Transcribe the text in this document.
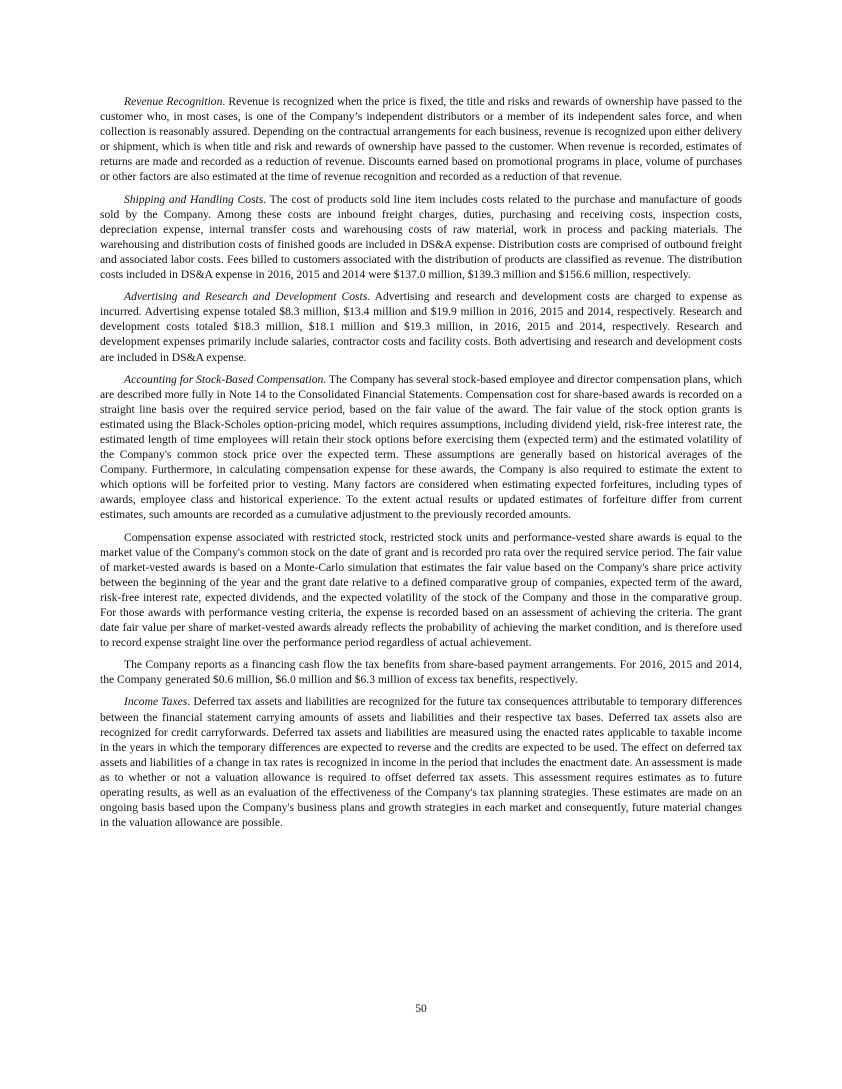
Revenue Recognition. Revenue is recognized when the price is fixed, the title and risks and rewards of ownership have passed to the customer who, in most cases, is one of the Company’s independent distributors or a member of its independent sales force, and when collection is reasonably assured. Depending on the contractual arrangements for each business, revenue is recognized upon either delivery or shipment, which is when title and risk and rewards of ownership have passed to the customer. When revenue is recorded, estimates of returns are made and recorded as a reduction of revenue. Discounts earned based on promotional programs in place, volume of purchases or other factors are also estimated at the time of revenue recognition and recorded as a reduction of that revenue.

Shipping and Handling Costs. The cost of products sold line item includes costs related to the purchase and manufacture of goods sold by the Company. Among these costs are inbound freight charges, duties, purchasing and receiving costs, inspection costs, depreciation expense, internal transfer costs and warehousing costs of raw material, work in process and packing materials. The warehousing and distribution costs of finished goods are included in DS&A expense. Distribution costs are comprised of outbound freight and associated labor costs. Fees billed to customers associated with the distribution of products are classified as revenue. The distribution costs included in DS&A expense in 2016, 2015 and 2014 were $137.0 million, $139.3 million and $156.6 million, respectively.

Advertising and Research and Development Costs. Advertising and research and development costs are charged to expense as incurred. Advertising expense totaled $8.3 million, $13.4 million and $19.9 million in 2016, 2015 and 2014, respectively. Research and development costs totaled $18.3 million, $18.1 million and $19.3 million, in 2016, 2015 and 2014, respectively. Research and development expenses primarily include salaries, contractor costs and facility costs. Both advertising and research and development costs are included in DS&A expense.

Accounting for Stock-Based Compensation. The Company has several stock-based employee and director compensation plans, which are described more fully in Note 14 to the Consolidated Financial Statements. Compensation cost for share-based awards is recorded on a straight line basis over the required service period, based on the fair value of the award. The fair value of the stock option grants is estimated using the Black-Scholes option-pricing model, which requires assumptions, including dividend yield, risk-free interest rate, the estimated length of time employees will retain their stock options before exercising them (expected term) and the estimated volatility of the Company's common stock price over the expected term. These assumptions are generally based on historical averages of the Company. Furthermore, in calculating compensation expense for these awards, the Company is also required to estimate the extent to which options will be forfeited prior to vesting. Many factors are considered when estimating expected forfeitures, including types of awards, employee class and historical experience. To the extent actual results or updated estimates of forfeiture differ from current estimates, such amounts are recorded as a cumulative adjustment to the previously recorded amounts.

Compensation expense associated with restricted stock, restricted stock units and performance-vested share awards is equal to the market value of the Company's common stock on the date of grant and is recorded pro rata over the required service period. The fair value of market-vested awards is based on a Monte-Carlo simulation that estimates the fair value based on the Company's share price activity between the beginning of the year and the grant date relative to a defined comparative group of companies, expected term of the award, risk-free interest rate, expected dividends, and the expected volatility of the stock of the Company and those in the comparative group. For those awards with performance vesting criteria, the expense is recorded based on an assessment of achieving the criteria. The grant date fair value per share of market-vested awards already reflects the probability of achieving the market condition, and is therefore used to record expense straight line over the performance period regardless of actual achievement.

The Company reports as a financing cash flow the tax benefits from share-based payment arrangements. For 2016, 2015 and 2014, the Company generated $0.6 million, $6.0 million and $6.3 million of excess tax benefits, respectively.

Income Taxes. Deferred tax assets and liabilities are recognized for the future tax consequences attributable to temporary differences between the financial statement carrying amounts of assets and liabilities and their respective tax bases. Deferred tax assets also are recognized for credit carryforwards. Deferred tax assets and liabilities are measured using the enacted rates applicable to taxable income in the years in which the temporary differences are expected to reverse and the credits are expected to be used. The effect on deferred tax assets and liabilities of a change in tax rates is recognized in income in the period that includes the enactment date. An assessment is made as to whether or not a valuation allowance is required to offset deferred tax assets. This assessment requires estimates as to future operating results, as well as an evaluation of the effectiveness of the Company's tax planning strategies. These estimates are made on an ongoing basis based upon the Company's business plans and growth strategies in each market and consequently, future material changes in the valuation allowance are possible.

50
